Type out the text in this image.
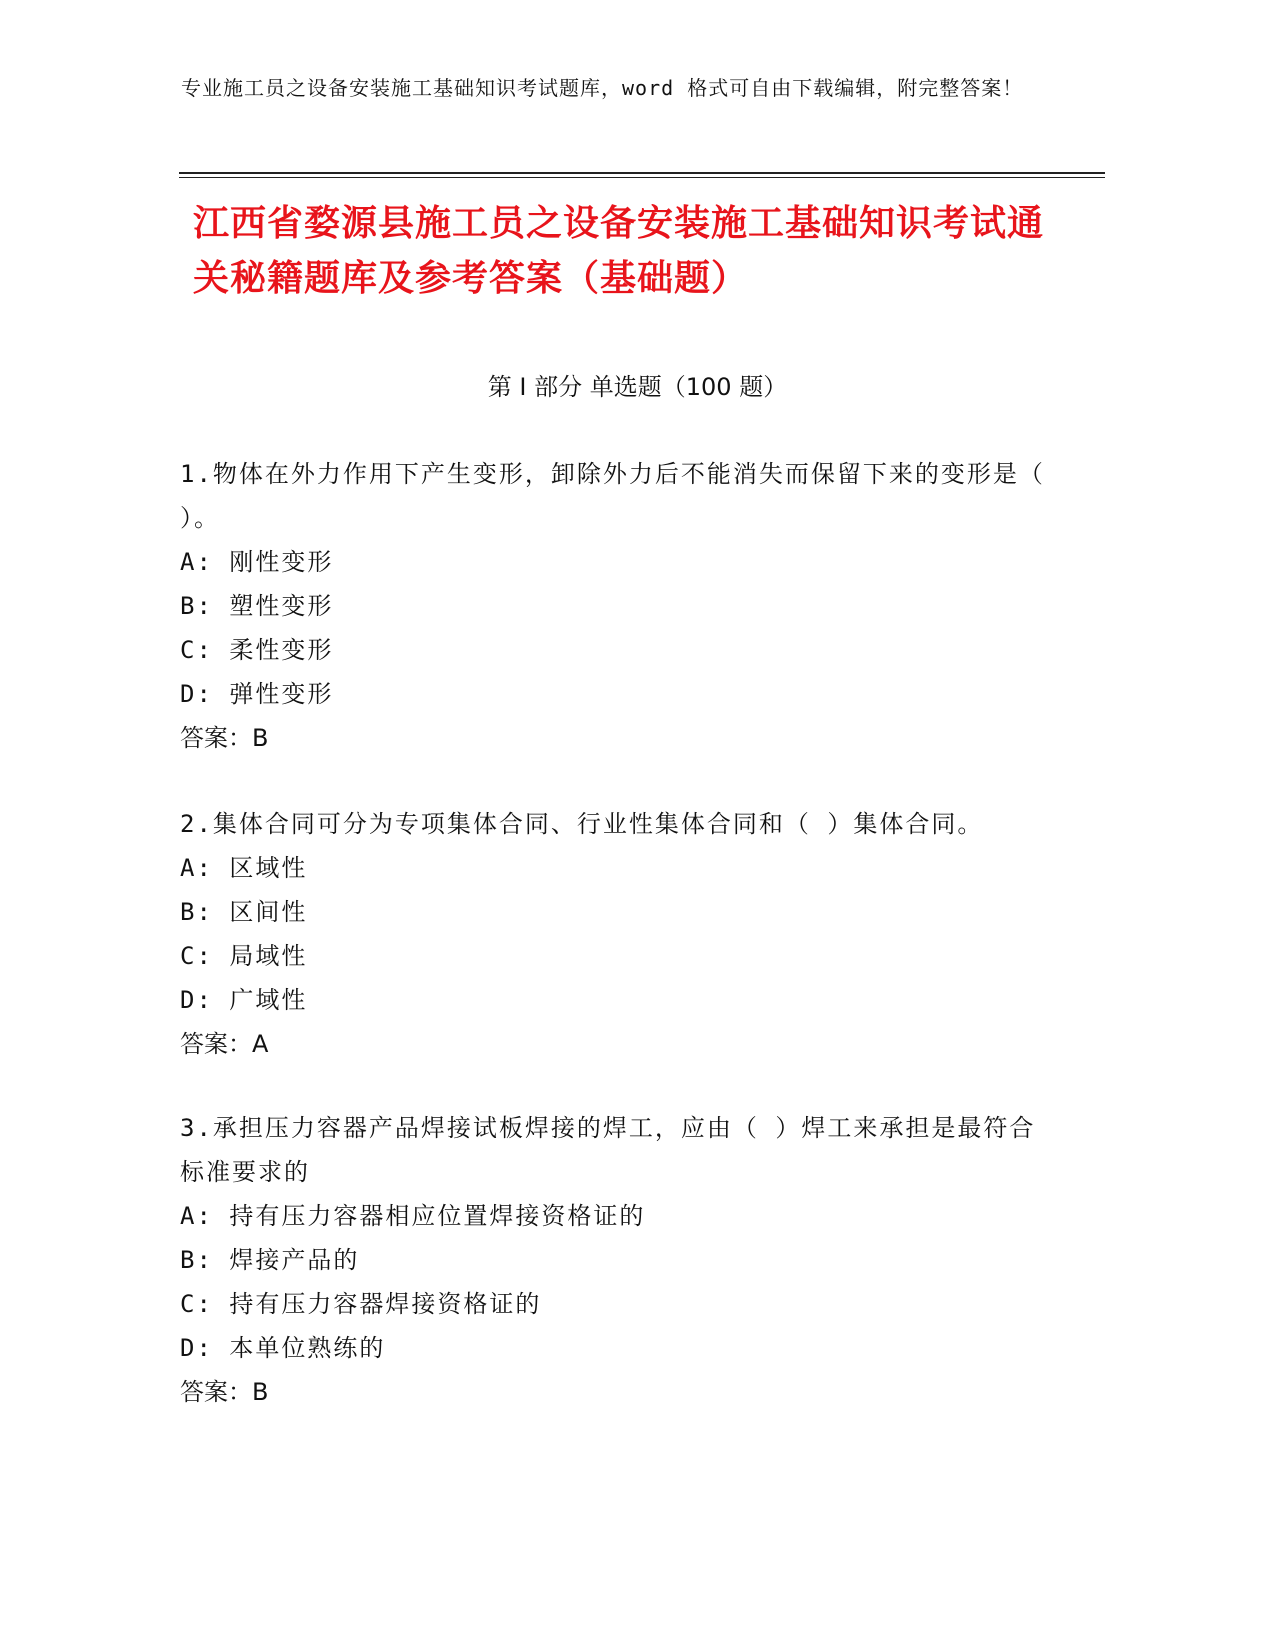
专业施工员之设备安装施工基础知识考试题库，word 格式可自由下载编辑，附完整答案！
江西省婺源县施工员之设备安装施工基础知识考试通关秘籍题库及参考答案（基础题）
第 I 部分 单选题（100 题）
1.物体在外力作用下产生变形，卸除外力后不能消失而保留下来的变形是（ ）。
A: 刚性变形
B: 塑性变形
C: 柔性变形
D: 弹性变形
答案：B
2.集体合同可分为专项集体合同、行业性集体合同和（ ）集体合同。
A: 区域性
B: 区间性
C: 局域性
D: 广域性
答案：A
3.承担压力容器产品焊接试板焊接的焊工，应由（ ）焊工来承担是最符合标准要求的
A: 持有压力容器相应位置焊接资格证的
B: 焊接产品的
C: 持有压力容器焊接资格证的
D: 本单位熟练的
答案：B
